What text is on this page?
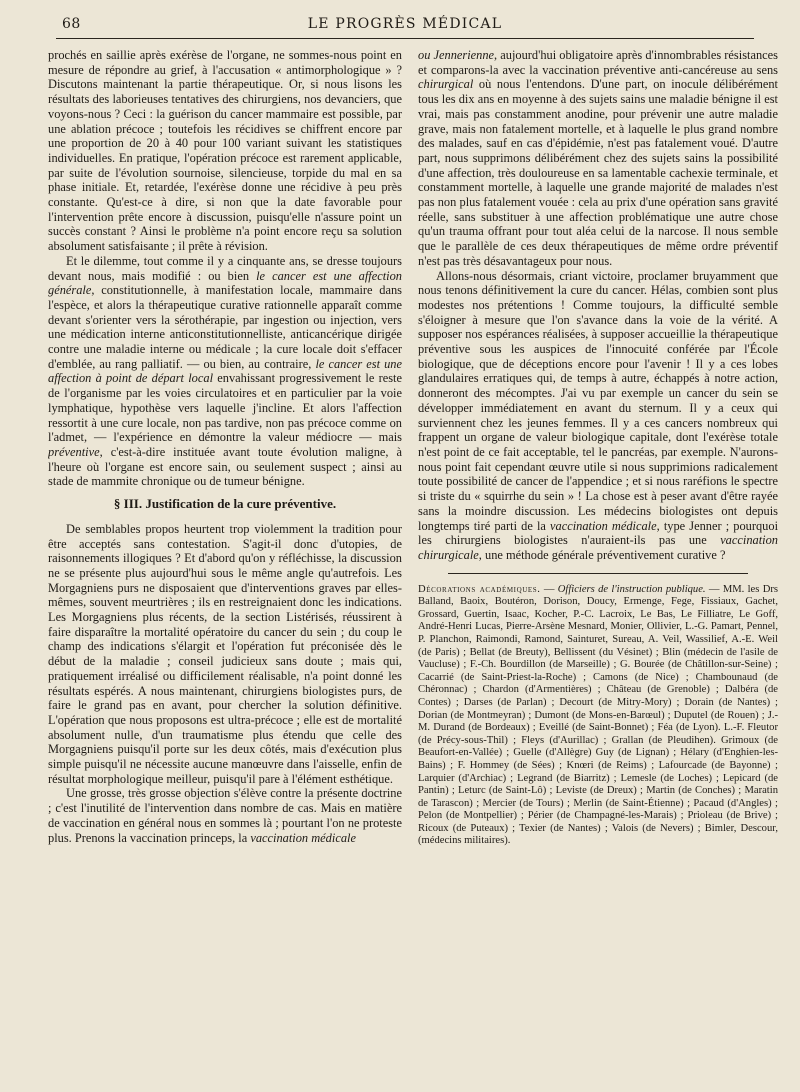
68	LE PROGRÈS MÉDICAL

prochés en saillie après exérèse de l'organe, ne sommes-nous point en mesure de répondre au grief, à l'accusation « antimorphologique » ? Discutons maintenant la partie thérapeutique. Or, si nous lisons les résultats des laborieuses tentatives des chirurgiens, nos devanciers, que voyons-nous ? Ceci : la guérison du cancer mammaire est possible, par une ablation précoce ; toutefois les récidives se chiffrent encore par une proportion de 20 à 40 pour 100 variant suivant les statistiques individuelles. En pratique, l'opération précoce est rarement applicable, par suite de l'évolution sournoise, silencieuse, torpide du mal en sa phase initiale. Et, retardée, l'exérèse donne une récidive à peu près constante. Qu'est-ce à dire, si non que la date favorable pour l'intervention prête encore à discussion, puisqu'elle n'assure point un succès constant ? Ainsi le problème n'a point encore reçu sa solution absolument satisfaisante ; il prête à révision.

Et le dilemme, tout comme il y a cinquante ans, se dresse toujours devant nous, mais modifié : ou bien le cancer est une affection générale, constitutionnelle, à manifestation locale, mammaire dans l'espèce, et alors la thérapeutique curative rationnelle apparaît comme devant s'orienter vers la sérothérapie, par ingestion ou injection, vers une médication interne anticonstitutionnelliste, anticancérique dirigée contre une maladie interne ou médicale ; la cure locale doit s'effacer d'emblée, au rang palliatif. — ou bien, au contraire, le cancer est une affection à point de départ local envahissant progressivement le reste de l'organisme par les voies circulatoires et en particulier par la voie lymphatique, hypothèse vers laquelle j'incline. Et alors l'affection ressortit à une cure locale, non pas tardive, non pas précoce comme on l'admet, — l'expérience en démontre la valeur médiocre — mais préventive, c'est-à-dire instituée avant toute évolution maligne, à l'heure où l'organe est encore sain, ou seulement suspect ; ainsi au stade de mammite chronique ou de tumeur bénigne.

§ III. Justification de la cure préventive.

De semblables propos heurtent trop violemment la tradition pour être acceptés sans contestation. S'agit-il donc d'utopies, de raisonnements illogiques ? Et d'abord qu'on y réfléchisse, la discussion ne se présente plus aujourd'hui sous le même angle qu'autrefois. Les Morgagniens purs ne disposaient que d'interventions graves par elles-mêmes, souvent meurtrières ; ils en restreignaient donc les indications. Les Morgagniens plus récents, de la section Listérisés, réussirent à faire disparaître la mortalité opératoire du cancer du sein ; du coup le champ des indications s'élargit et l'opération fut préconisée dès le début de la maladie ; conseil judicieux sans doute ; mais qui, pratiquement irréalisé ou difficilement réalisable, n'a point donné les résultats espérés. A nous maintenant, chirurgiens biologistes purs, de faire le grand pas en avant, pour chercher la solution définitive. L'opération que nous proposons est ultra-précoce ; elle est de mortalité absolument nulle, d'un traumatisme plus étendu que celle des Morgagniens puisqu'il porte sur les deux côtés, mais d'exécution plus simple puisqu'il ne nécessite aucune manœuvre dans l'aisselle, enfin de résultat morphologique meilleur, puisqu'il pare à l'élément esthétique.

Une grosse, très grosse objection s'élève contre la présente doctrine ; c'est l'inutilité de l'intervention dans nombre de cas. Mais en matière de vaccination en général nous en sommes là ; pourtant l'on ne proteste plus. Prenons la vaccination princeps, la vaccination médicale

ou Jennerienne, aujourd'hui obligatoire après d'innombrables résistances et comparons-la avec la vaccination préventive anti-cancéreuse au sens chirurgical où nous l'entendons. D'une part, on inocule délibérément tous les dix ans en moyenne à des sujets sains une maladie bénigne il est vrai, mais pas constamment anodine, pour prévenir une autre maladie grave, mais non fatalement mortelle, et à laquelle le plus grand nombre des malades, sauf en cas d'épidémie, n'est pas fatalement voué. D'autre part, nous supprimons délibérément chez des sujets sains la possibilité d'une affection, très douloureuse en sa lamentable cachexie terminale, et constamment mortelle, à laquelle une grande majorité de malades n'est pas non plus fatalement vouée : cela au prix d'une opération sans gravité réelle, sans substituer à une affection problématique une autre chose qu'un trauma offrant pour tout aléa celui de la narcose. Il nous semble que le parallèle de ces deux thérapeutiques de même ordre préventif n'est pas très désavantageux pour nous.

Allons-nous désormais, criant victoire, proclamer bruyamment que nous tenons définitivement la cure du cancer. Hélas, combien sont plus modestes nos prétentions ! Comme toujours, la difficulté semble s'éloigner à mesure que l'on s'avance dans la voie de la vérité. A supposer nos espérances réalisées, à supposer accueillie la thérapeutique préventive sous les auspices de l'innocuité conférée par l'École biologique, que de déceptions encore pour l'avenir ! Il y a ces lobes glandulaires erratiques qui, de temps à autre, échappés à notre action, donneront des mécomptes. J'ai vu par exemple un cancer du sein se développer immédiatement en avant du sternum. Il y a ceux qui surviennent chez les jeunes femmes. Il y a ces cancers nombreux qui frappent un organe de valeur biologique capitale, dont l'exérèse totale n'est point de ce fait acceptable, tel le pancréas, par exemple. N'aurons-nous point fait cependant œuvre utile si nous supprimions radicalement toute possibilité de cancer de l'appendice ; et si nous raréfions le spectre si triste du « squirrhe du sein » ! La chose est à peser avant d'être rayée sans la moindre discussion. Les médecins biologistes ont depuis longtemps tiré parti de la vaccination médicale, type Jenner ; pourquoi les chirurgiens biologistes n'auraient-ils pas une vaccination chirurgicale, une méthode générale préventivement curative ?

Décorations académiques. — Officiers de l'instruction publique. — MM. les Drs Balland, Baoix, Boutéron, Dorison, Doucy, Ermenge, Fege, Fissiaux, Gachet, Grossard, Guertin, Isaac, Kocher, P.-C. Lacroix, Le Bas, Le Filliatre, Le Goff, André-Henri Lucas, Pierre-Arsène Mesnard, Monier, Ollivier, L.-G. Pamart, Pennel, P. Planchon, Raimondi, Ramond, Sainturet, Sureau, A. Veil, Wassilief, A.-E. Weil (de Paris) ; Bellat (de Breuty), Bellissent (du Vésinet) ; Blin (médecin de l'asile de Vaucluse) ; F.-Ch. Bourdillon (de Marseille) ; G. Bourée (de Châtillon-sur-Seine) ; Cacarrié (de Saint-Priest-la-Roche) ; Camons (de Nice) ; Chambounaud (de Chéronnac) ; Chardon (d'Armentières) ; Château (de Grenoble) ; Dalbéra (de Contes) ; Darses (de Parlan) ; Decourt (de Mitry-Mory) ; Dorain (de Nantes) ; Dorian (de Montmeyran) ; Dumont (de Mons-en-Barœul) ; Duputel (de Rouen) ; J.-M. Durand (de Bordeaux) ; Eveillé (de Saint-Bonnet) ; Féa (de Lyon). L.-F. Fleutor (de Précy-sous-Thil) ; Fleys (d'Aurillac) ; Grallan (de Pleudihen). Grimoux (de Beaufort-en-Vallée) ; Guelle (d'Allègre) Guy (de Lignan) ; Hélary (d'Enghien-les-Bains) ; F. Hommey (de Sées) ; Knœri (de Reims) ; Lafourcade (de Bayonne) ; Larquier (d'Archiac) ; Legrand (de Biarritz) ; Lemesle (de Loches) ; Lepicard (de Pantin) ; Leturc (de Saint-Lô) ; Leviste (de Dreux) ; Martin (de Conches) ; Maratin de Tarascon) ; Mercier (de Tours) ; Merlin (de Saint-Étienne) ; Pacaud (d'Angles) ; Pelon (de Montpellier) ; Périer (de Champagné-les-Marais) ; Prioleau (de Brive) ; Ricoux (de Puteaux) ; Texier (de Nantes) ; Valois (de Nevers) ; Bimler, Descour, (médecins militaires).
